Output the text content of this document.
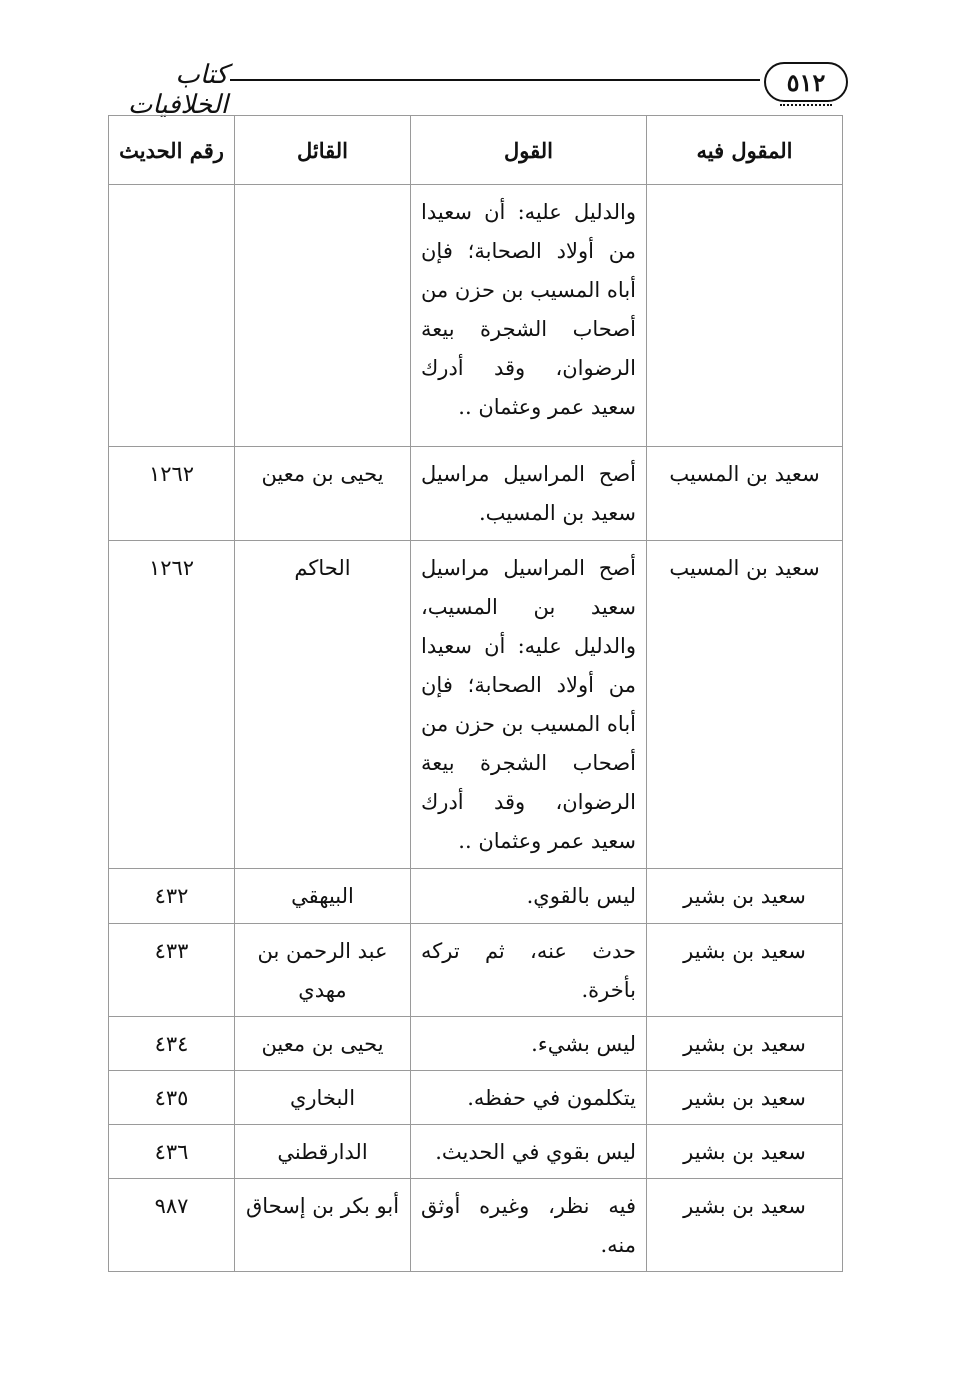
٥١٢
كتاب الخلافيات
المقول فيه	القول	القائل	رقم الحديث
	والدليل عليه: أن سعيدا من أولاد الصحابة؛ فإن أباه المسيب بن حزن من أصحاب الشجرة بيعة الرضوان، وقد أدرك سعيد عمر وعثمان ..		
سعيد بن المسيب	أصح المراسيل مراسيل سعيد بن المسيب.	يحيى بن معين	١٢٦٢
سعيد بن المسيب	أصح المراسيل مراسيل سعيد بن المسيب، والدليل عليه: أن سعيدا من أولاد الصحابة؛ فإن أباه المسيب بن حزن من أصحاب الشجرة بيعة الرضوان، وقد أدرك سعيد عمر وعثمان ..	الحاكم	١٢٦٢
سعيد بن بشير	ليس بالقوي.	البيهقي	٤٣٢
سعيد بن بشير	حدث عنه، ثم تركه بأخرة.	عبد الرحمن بن مهدي	٤٣٣
سعيد بن بشير	ليس بشيء.	يحيى بن معين	٤٣٤
سعيد بن بشير	يتكلمون في حفظه.	البخاري	٤٣٥
سعيد بن بشير	ليس بقوي في الحديث.	الدارقطني	٤٣٦
سعيد بن بشير	فيه نظر، وغيره أوثق منه.	أبو بكر بن إسحاق	٩٨٧
